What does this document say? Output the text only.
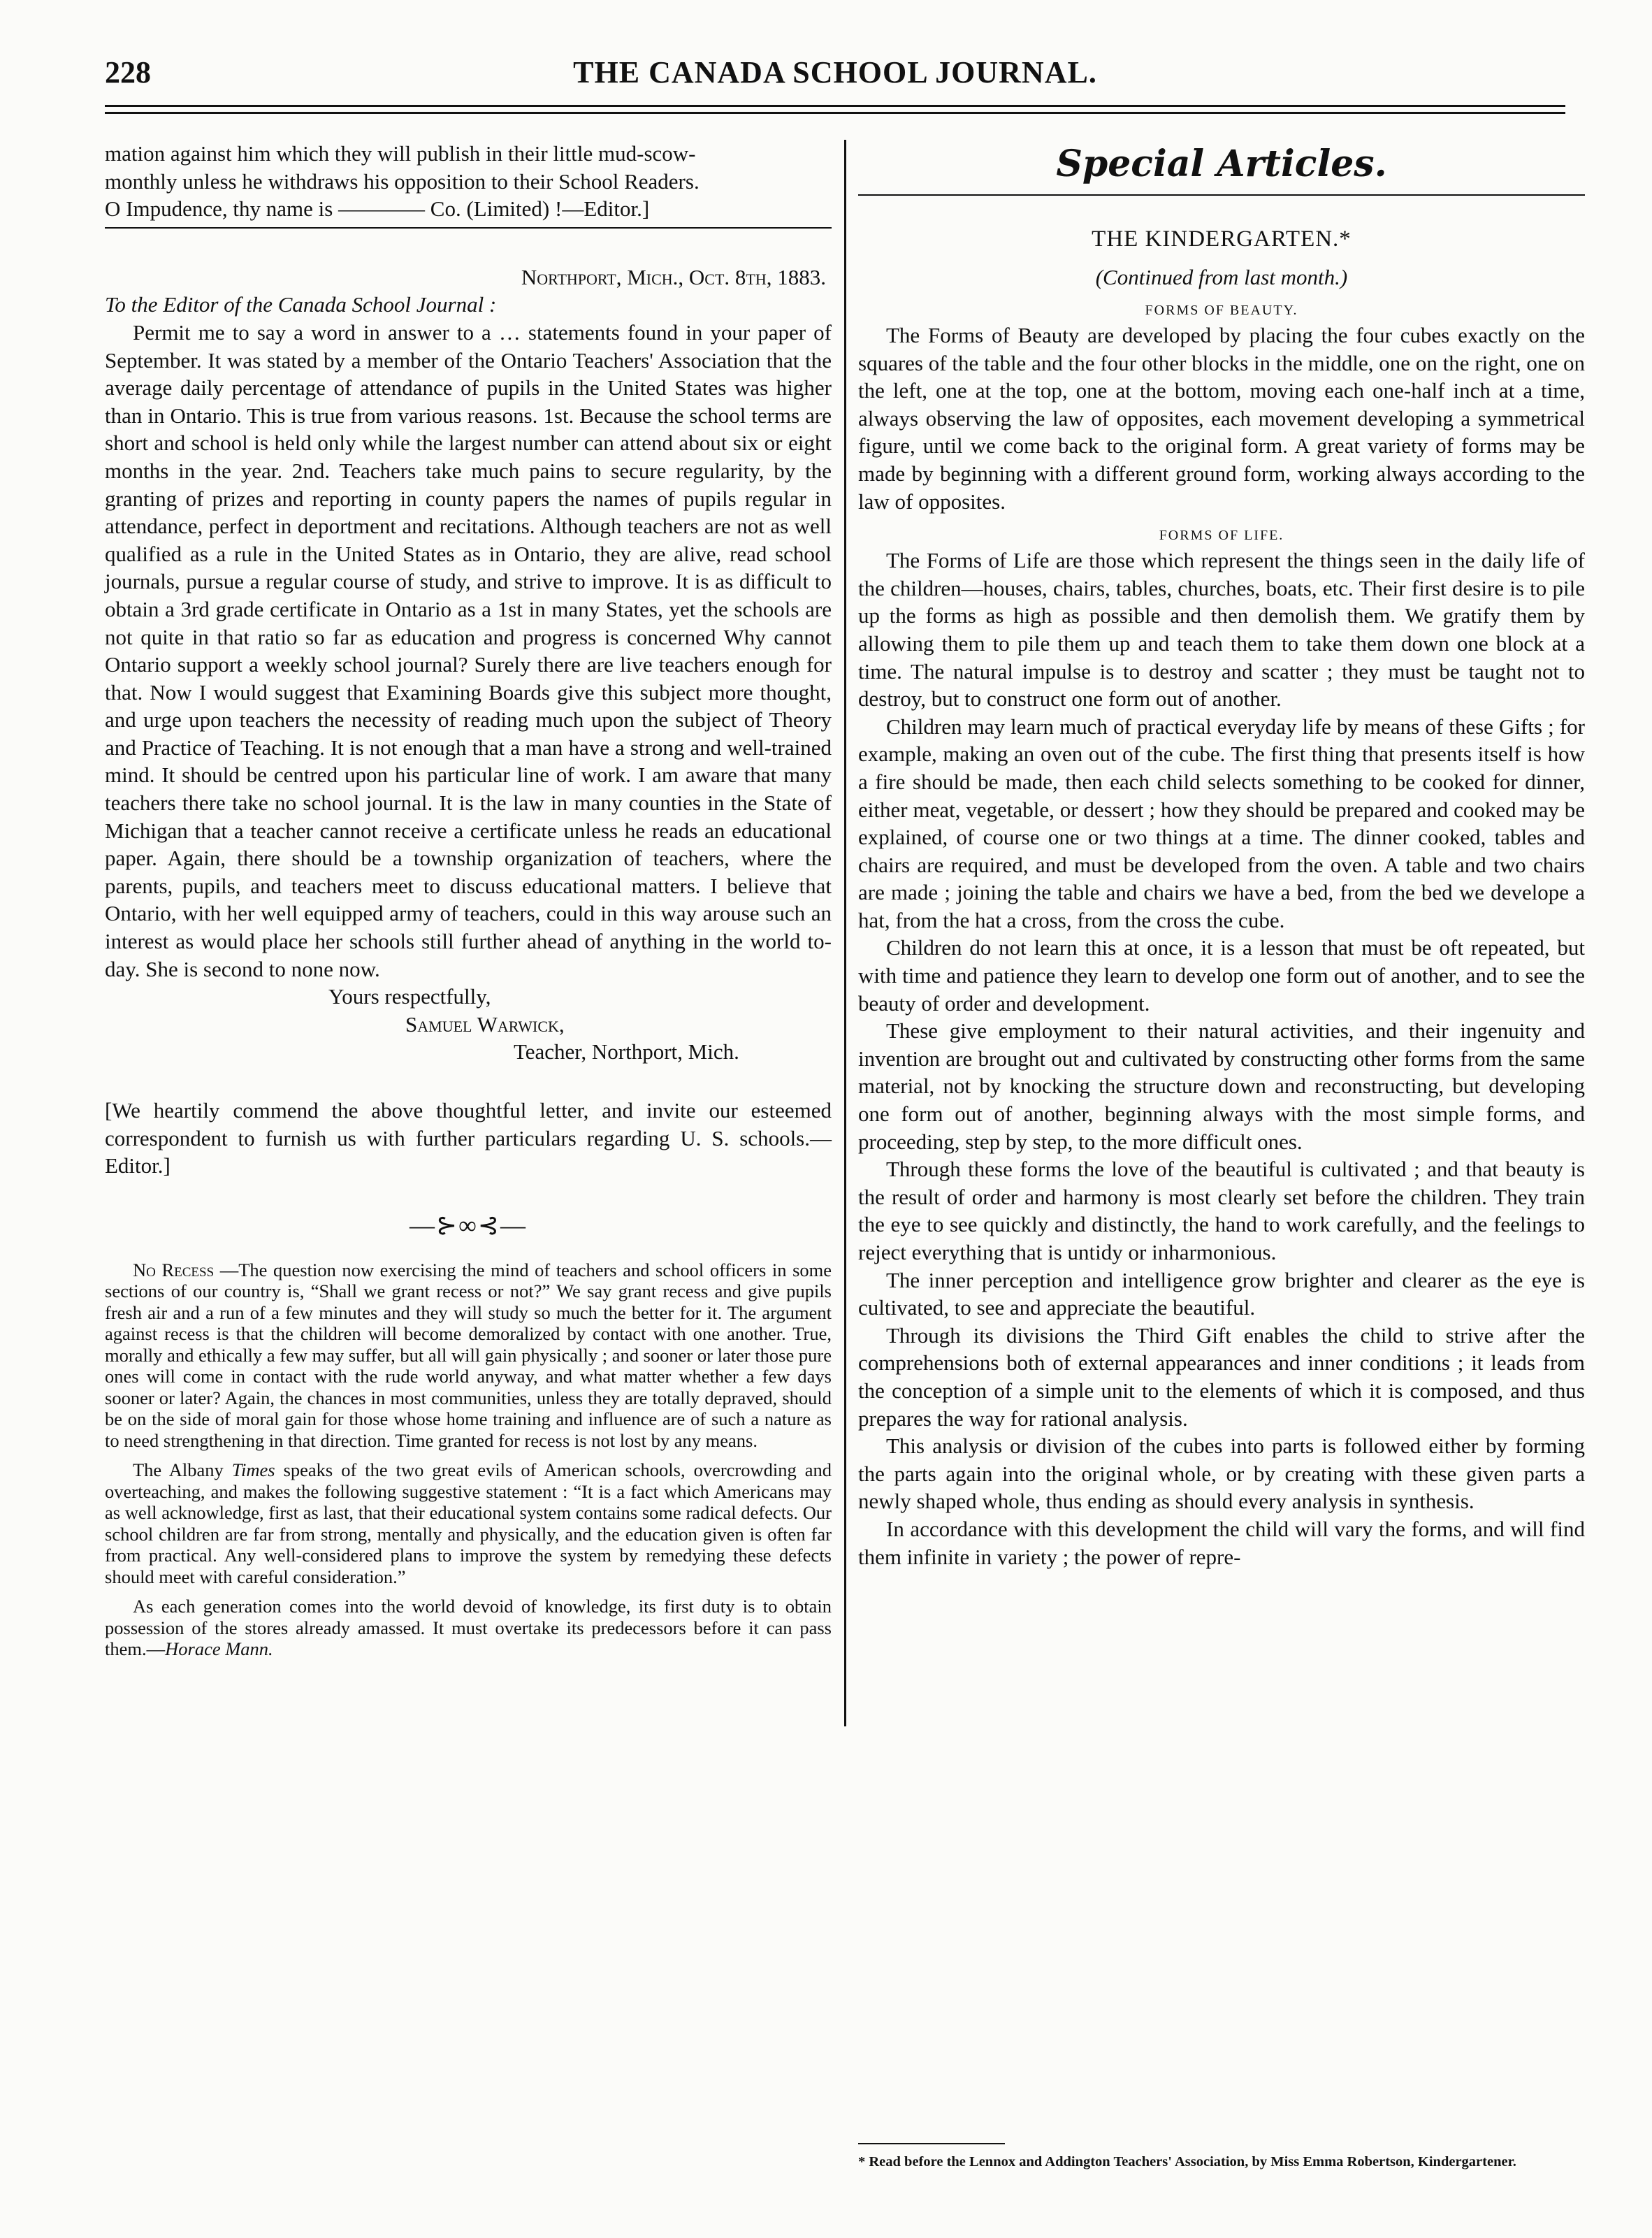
228	THE CANADA SCHOOL JOURNAL.

mation against him which they will publish in their little mud-scow-

monthly unless he withdraws his opposition to their School Readers.

O Impudence, thy name is ———— Co. (Limited) !—Editor.]

Northport, Mich., Oct. 8th, 1883.

To the Editor of the Canada School Journal :

Permit me to say a word in answer to a … statements found in your paper of September. It was stated by a member of the Ontario Teachers' Association that the average daily percentage of attendance of pupils in the United States was higher than in Ontario. This is true from various reasons. 1st. Because the school terms are short and school is held only while the largest number can attend about six or eight months in the year. 2nd. Teachers take much pains to secure regularity, by the granting of prizes and reporting in county papers the names of pupils regular in attendance, perfect in deportment and recitations. Although teachers are not as well qualified as a rule in the United States as in Ontario, they are alive, read school journals, pursue a regular course of study, and strive to improve. It is as difficult to obtain a 3rd grade certificate in Ontario as a 1st in many States, yet the schools are not quite in that ratio so far as education and progress is concerned Why cannot Ontario support a weekly school journal? Surely there are live teachers enough for that. Now I would suggest that Examining Boards give this subject more thought, and urge upon teachers the necessity of reading much upon the subject of Theory and Practice of Teaching. It is not enough that a man have a strong and well-trained mind. It should be centred upon his particular line of work. I am aware that many teachers there take no school journal. It is the law in many counties in the State of Michigan that a teacher cannot receive a certificate unless he reads an educational paper. Again, there should be a township organization of teachers, where the parents, pupils, and teachers meet to discuss educational matters. I believe that Ontario, with her well equipped army of teachers, could in this way arouse such an interest as would place her schools still further ahead of anything in the world to-day. She is second to none now.

Yours respectfully,

Samuel Warwick,

Teacher, Northport, Mich.

[We heartily commend the above thoughtful letter, and invite our esteemed correspondent to furnish us with further particulars regarding U. S. schools.—Editor.]

—⊱∞⊰—

No Recess —The question now exercising the mind of teachers and school officers in some sections of our country is, “Shall we grant recess or not?” We say grant recess and give pupils fresh air and a run of a few minutes and they will study so much the better for it. The argument against recess is that the children will become demoralized by contact with one another. True, morally and ethically a few may suffer, but all will gain physically ; and sooner or later those pure ones will come in contact with the rude world anyway, and what matter whether a few days sooner or later? Again, the chances in most communities, unless they are totally depraved, should be on the side of moral gain for those whose home training and influence are of such a nature as to need strengthening in that direction. Time granted for recess is not lost by any means.

The Albany Times speaks of the two great evils of American schools, overcrowding and overteaching, and makes the following suggestive statement : “It is a fact which Americans may as well acknowledge, first as last, that their educational system contains some radical defects. Our school children are far from strong, mentally and physically, and the education given is often far from practical. Any well-considered plans to improve the system by remedying these defects should meet with careful consideration.”

As each generation comes into the world devoid of knowledge, its first duty is to obtain possession of the stores already amassed. It must overtake its predecessors before it can pass them.—Horace Mann.

Special Articles.
THE KINDERGARTEN.*
(Continued from last month.)
FORMS OF BEAUTY.

The Forms of Beauty are developed by placing the four cubes exactly on the squares of the table and the four other blocks in the middle, one on the right, one on the left, one at the top, one at the bottom, moving each one-half inch at a time, always observing the law of opposites, each movement developing a symmetrical figure, until we come back to the original form. A great variety of forms may be made by beginning with a different ground form, working always according to the law of opposites.

FORMS OF LIFE.

The Forms of Life are those which represent the things seen in the daily life of the children—houses, chairs, tables, churches, boats, etc. Their first desire is to pile up the forms as high as possible and then demolish them. We gratify them by allowing them to pile them up and teach them to take them down one block at a time. The natural impulse is to destroy and scatter ; they must be taught not to destroy, but to construct one form out of another.

Children may learn much of practical everyday life by means of these Gifts ; for example, making an oven out of the cube. The first thing that presents itself is how a fire should be made, then each child selects something to be cooked for dinner, either meat, vegetable, or dessert ; how they should be prepared and cooked may be explained, of course one or two things at a time. The dinner cooked, tables and chairs are required, and must be developed from the oven. A table and two chairs are made ; joining the table and chairs we have a bed, from the bed we develope a hat, from the hat a cross, from the cross the cube.

Children do not learn this at once, it is a lesson that must be oft repeated, but with time and patience they learn to develop one form out of another, and to see the beauty of order and development.

These give employment to their natural activities, and their ingenuity and invention are brought out and cultivated by constructing other forms from the same material, not by knocking the structure down and reconstructing, but developing one form out of another, beginning always with the most simple forms, and proceeding, step by step, to the more difficult ones.

Through these forms the love of the beautiful is cultivated ; and that beauty is the result of order and harmony is most clearly set before the children. They train the eye to see quickly and distinctly, the hand to work carefully, and the feelings to reject everything that is untidy or inharmonious.

The inner perception and intelligence grow brighter and clearer as the eye is cultivated, to see and appreciate the beautiful.

Through its divisions the Third Gift enables the child to strive after the comprehensions both of external appearances and inner conditions ; it leads from the conception of a simple unit to the elements of which it is composed, and thus prepares the way for rational analysis.

This analysis or division of the cubes into parts is followed either by forming the parts again into the original whole, or by creating with these given parts a newly shaped whole, thus ending as should every analysis in synthesis.

In accordance with this development the child will vary the forms, and will find them infinite in variety ; the power of repre-

* Read before the Lennox and Addington Teachers' Association, by Miss Emma Robertson, Kindergartener.
